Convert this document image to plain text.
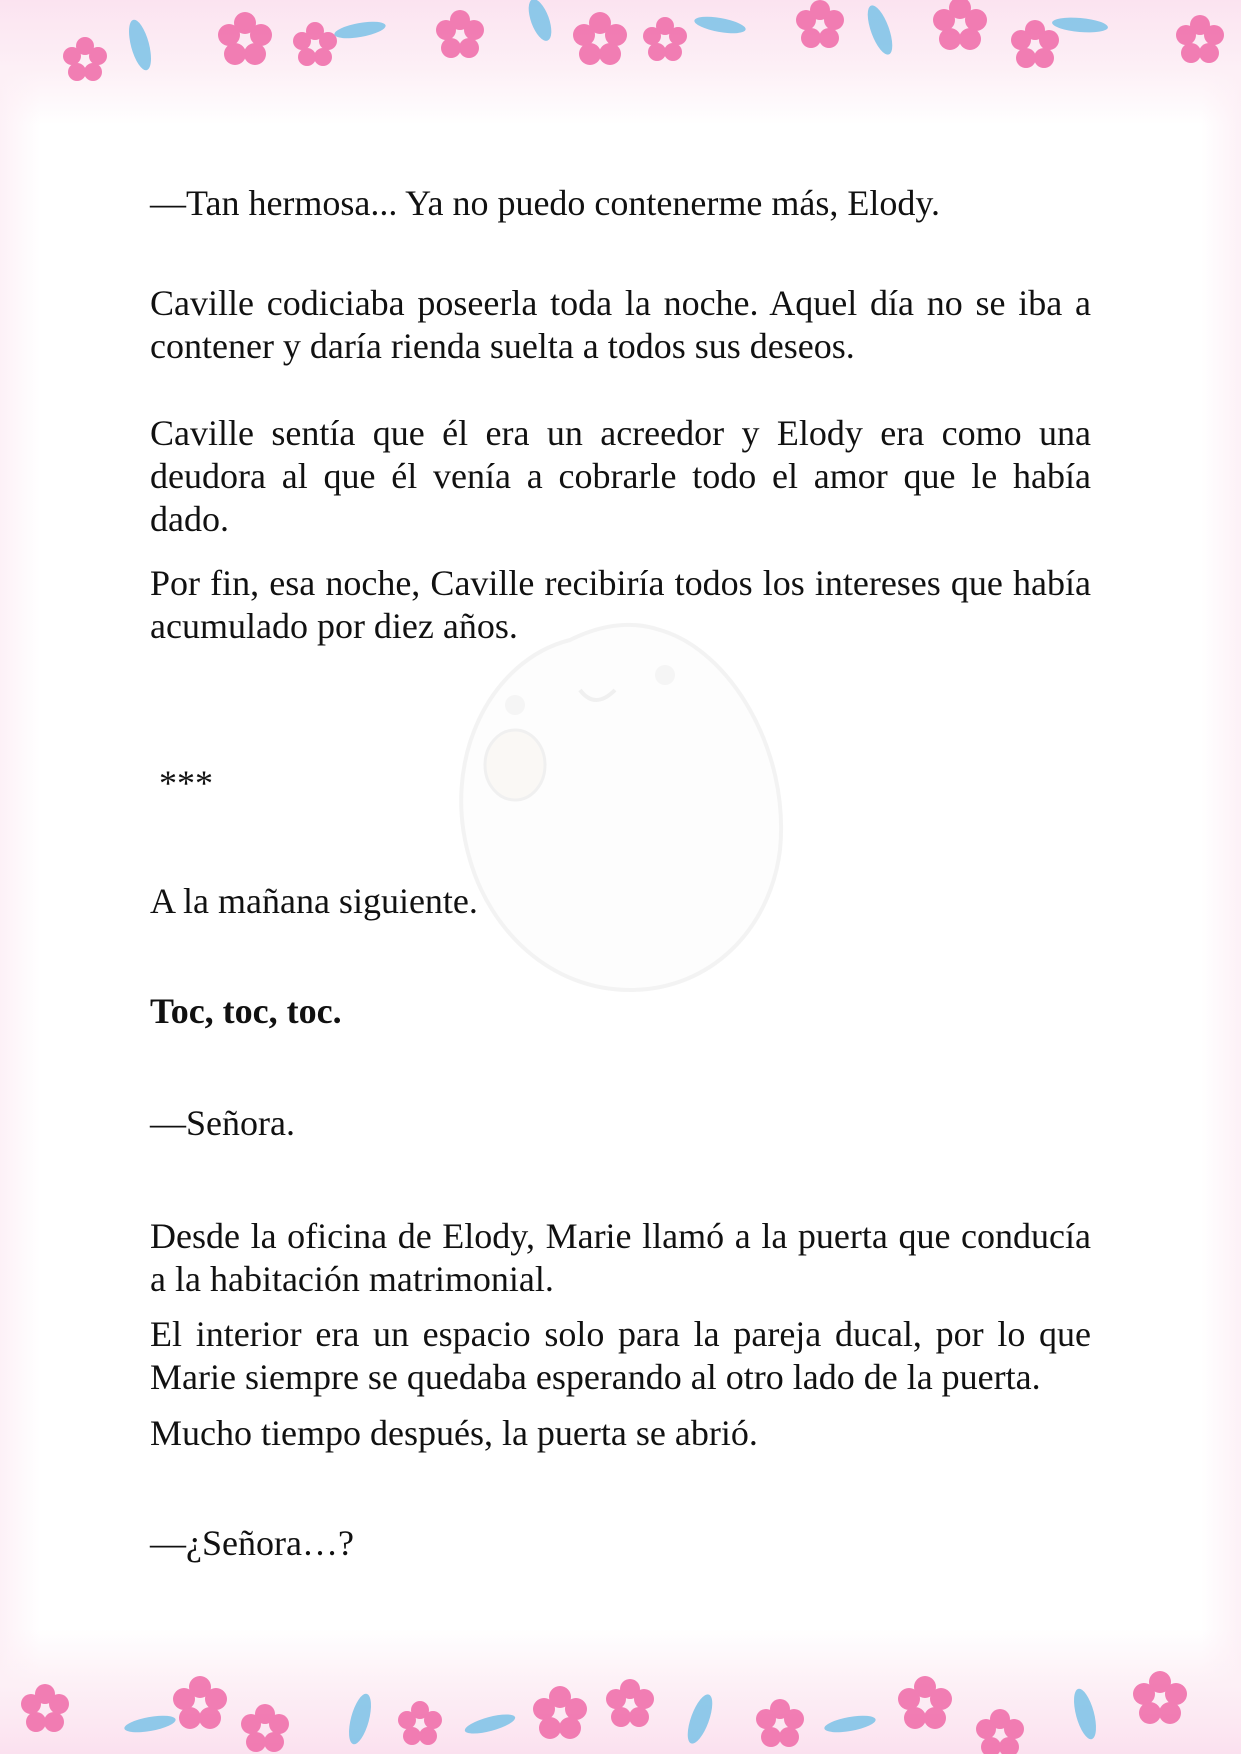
—Tan hermosa... Ya no puedo contenerme más, Elody.

Caville codiciaba poseerla toda la noche. Aquel día no se iba a contener y daría rienda suelta a todos sus deseos.

Caville sentía que él era un acreedor y Elody era como una deudora al que él venía a cobrarle todo el amor que le había dado.

Por fin, esa noche, Caville recibiría todos los intereses que había acumulado por diez años.

***

A la mañana siguiente.

Toc, toc, toc.

—Señora.

Desde la oficina de Elody, Marie llamó a la puerta que conducía a la habitación matrimonial.

El interior era un espacio solo para la pareja ducal, por lo que Marie siempre se quedaba esperando al otro lado de la puerta.

Mucho tiempo después, la puerta se abrió.

—¿Señora…?
